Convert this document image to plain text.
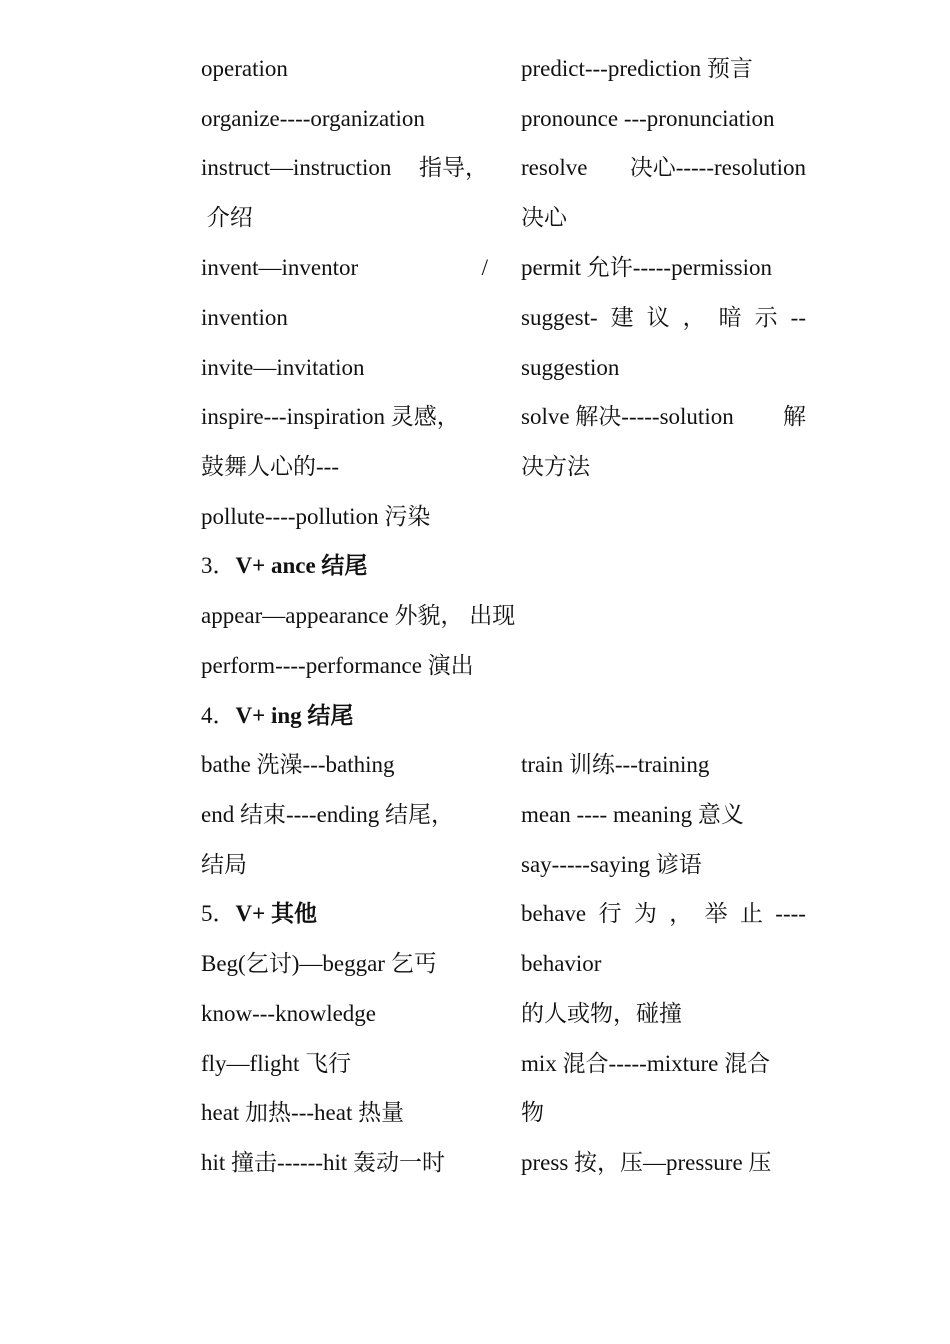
operation
organize----organization
instruct—instruction 指导，
介绍
invent—inventor	/
invention
invite—invitation
inspire---inspiration 灵感，
鼓舞人心的---
pollute----pollution 污染
predict---prediction 预言
pronounce ---pronunciation
resolve 决心-----resolution
决心
permit 允许-----permission
suggest- 建 议 ， 暗 示 --
suggestion
solve 解决-----solution 解
决方法
3．V+ ance 结尾
appear—appearance 外貌， 出现
perform----performance 演出
4．V+ ing 结尾
bathe 洗澡---bathing
end 结束----ending 结尾，
结局
train 训练---training
mean ---- meaning 意义
say-----saying 谚语
5．V+ 其他
Beg(乞讨)—beggar 乞丐
know---knowledge
fly—flight 飞行
heat 加热---heat 热量
hit 撞击------hit 轰动一时
behave 行 为 ， 举 止 ----
behavior
的人或物，碰撞
mix 混合-----mixture 混合
物
press 按，压—pressure 压
